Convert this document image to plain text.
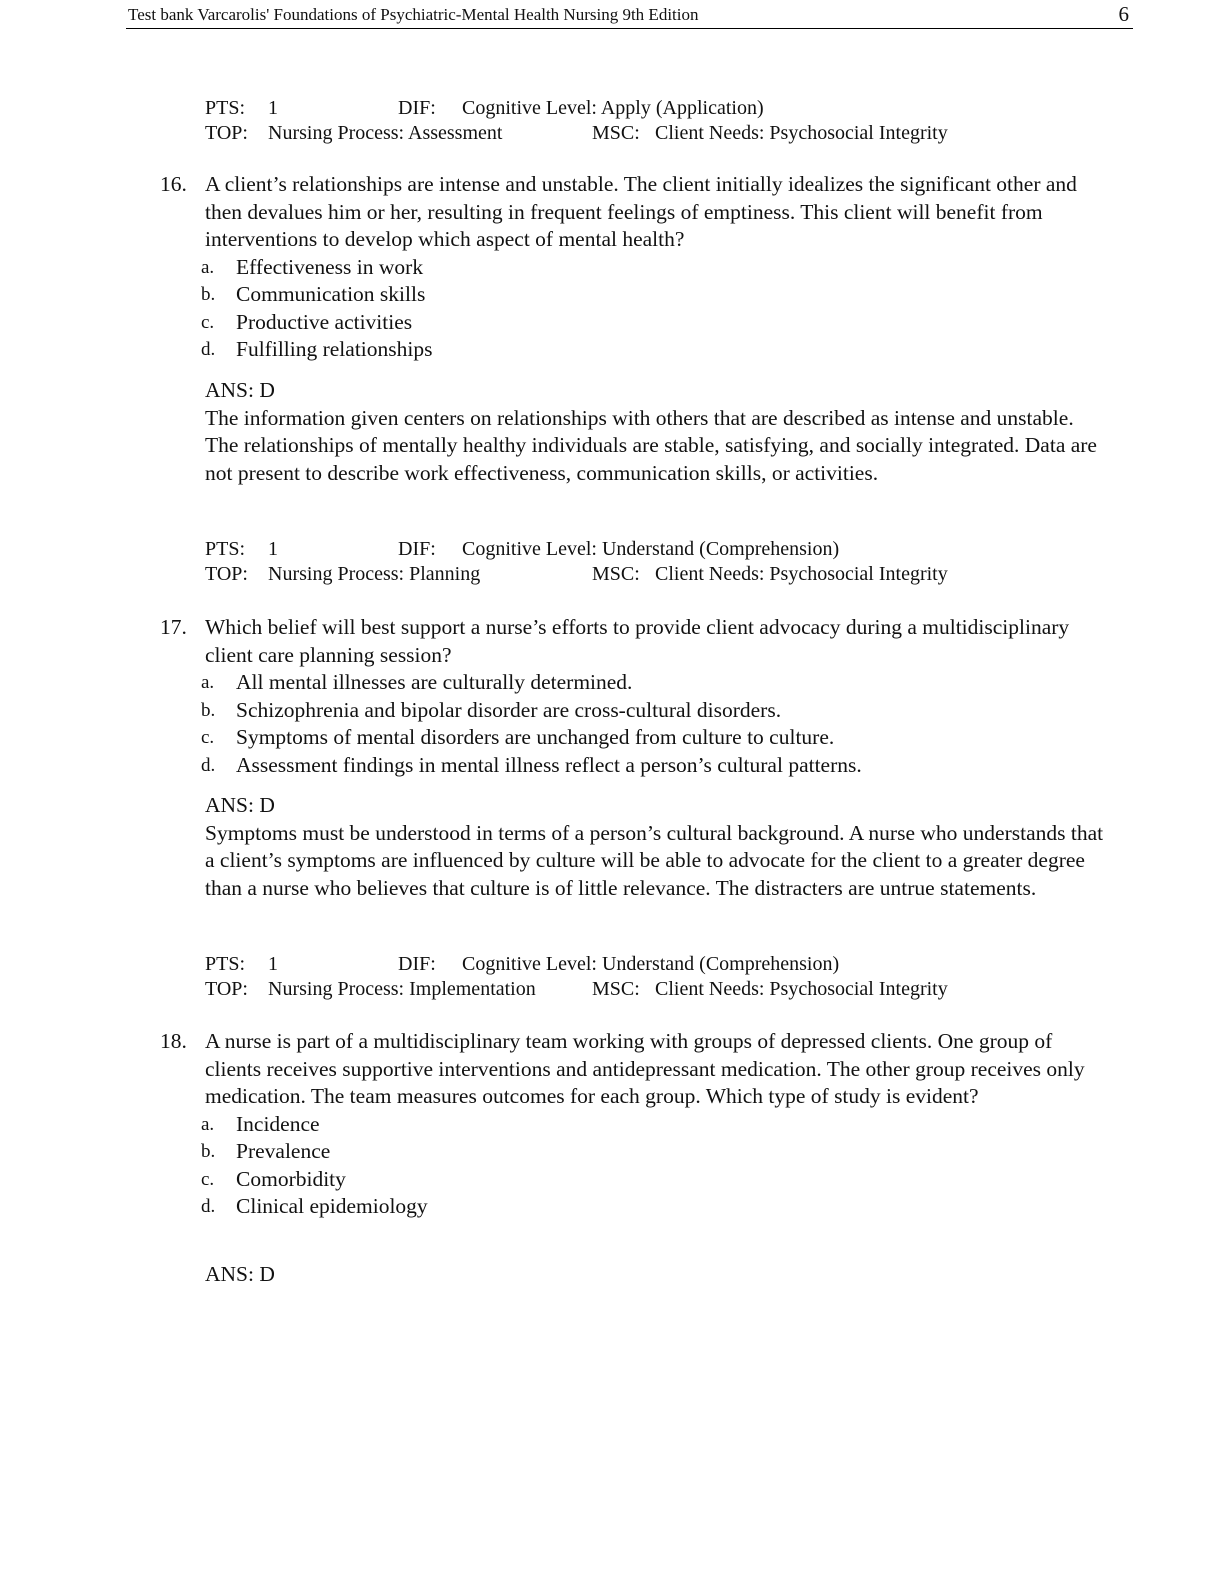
Test bank Varcarolis' Foundations of Psychiatric-Mental Health Nursing 9th Edition	6
PTS: 1	DIF: Cognitive Level: Apply (Application)
TOP: Nursing Process: Assessment	MSC: Client Needs: Psychosocial Integrity
16. A client’s relationships are intense and unstable. The client initially idealizes the significant other and then devalues him or her, resulting in frequent feelings of emptiness. This client will benefit from interventions to develop which aspect of mental health?
a. Effectiveness in work
b. Communication skills
c. Productive activities
d. Fulfilling relationships
ANS: D
The information given centers on relationships with others that are described as intense and unstable. The relationships of mentally healthy individuals are stable, satisfying, and socially integrated. Data are not present to describe work effectiveness, communication skills, or activities.
PTS: 1	DIF: Cognitive Level: Understand (Comprehension)
TOP: Nursing Process: Planning	MSC: Client Needs: Psychosocial Integrity
17. Which belief will best support a nurse’s efforts to provide client advocacy during a multidisciplinary client care planning session?
a. All mental illnesses are culturally determined.
b. Schizophrenia and bipolar disorder are cross-cultural disorders.
c. Symptoms of mental disorders are unchanged from culture to culture.
d. Assessment findings in mental illness reflect a person’s cultural patterns.
ANS: D
Symptoms must be understood in terms of a person’s cultural background. A nurse who understands that a client’s symptoms are influenced by culture will be able to advocate for the client to a greater degree than a nurse who believes that culture is of little relevance. The distracters are untrue statements.
PTS: 1	DIF: Cognitive Level: Understand (Comprehension)
TOP: Nursing Process: Implementation	MSC: Client Needs: Psychosocial Integrity
18. A nurse is part of a multidisciplinary team working with groups of depressed clients. One group of clients receives supportive interventions and antidepressant medication. The other group receives only medication. The team measures outcomes for each group. Which type of study is evident?
a. Incidence
b. Prevalence
c. Comorbidity
d. Clinical epidemiology
ANS: D
